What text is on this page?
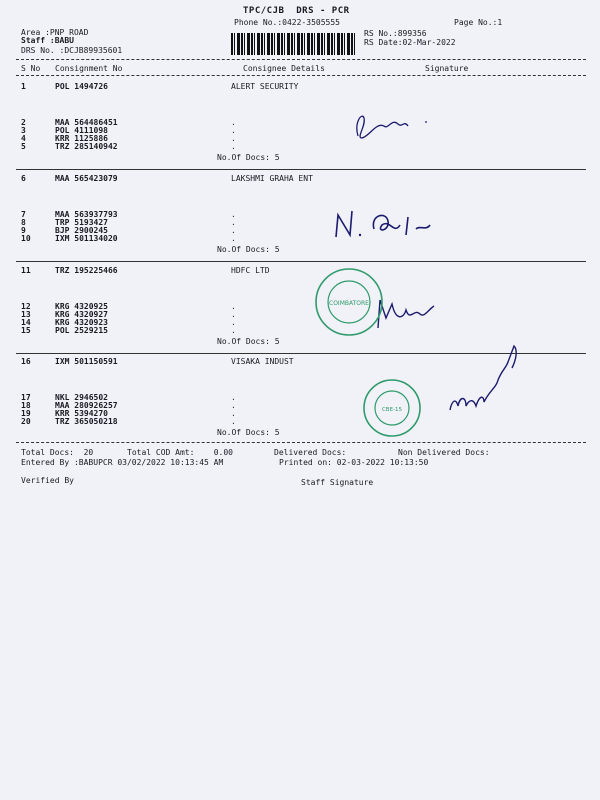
TPC/CJB  DRS - PCR
Phone No.:0422-3505555	Page No.:1
Area :PNP ROAD
Staff :BABU
DRS No. :DCJB89935601
RS No.:899356
RS Date:02-Mar-2022
S No Consignment No	Consignee Details	Signature
1	POL 1494726	ALERT SECURITY
2	MAA 564486451	.
3	POL 4111098	.
4	KRR 1125886	.
5	TRZ 285140942	.
No.Of Docs: 5
6	MAA 565423079	LAKSHMI GRAHA ENT
7	MAA 563937793	.
8	TRP 5193427	.
9	BJP 2900245	.
10	IXM 501134020	.
No.Of Docs: 5
11	TRZ 195225466	HDFC LTD
12	KRG 4320925	.
13	KRG 4320927	.
14	KRG 4320923	.
15	POL 2529215	.
No.Of Docs: 5
16	IXM 501150591	VISAKA INDUST
17	NKL 2946502	.
18	MAA 280926257	.
19	KRR 5394270	.
20	TRZ 365050218	.
No.Of Docs: 5
Total Docs:  20	Total COD Amt:    0.00	Delivered Docs:	Non Delivered Docs:
Entered By :BABUPCR 03/02/2022 10:13:45 AM	Printed on: 02-03-2022 10:13:50
Verified By	Staff Signature
COIMBATORE
CBE-15
